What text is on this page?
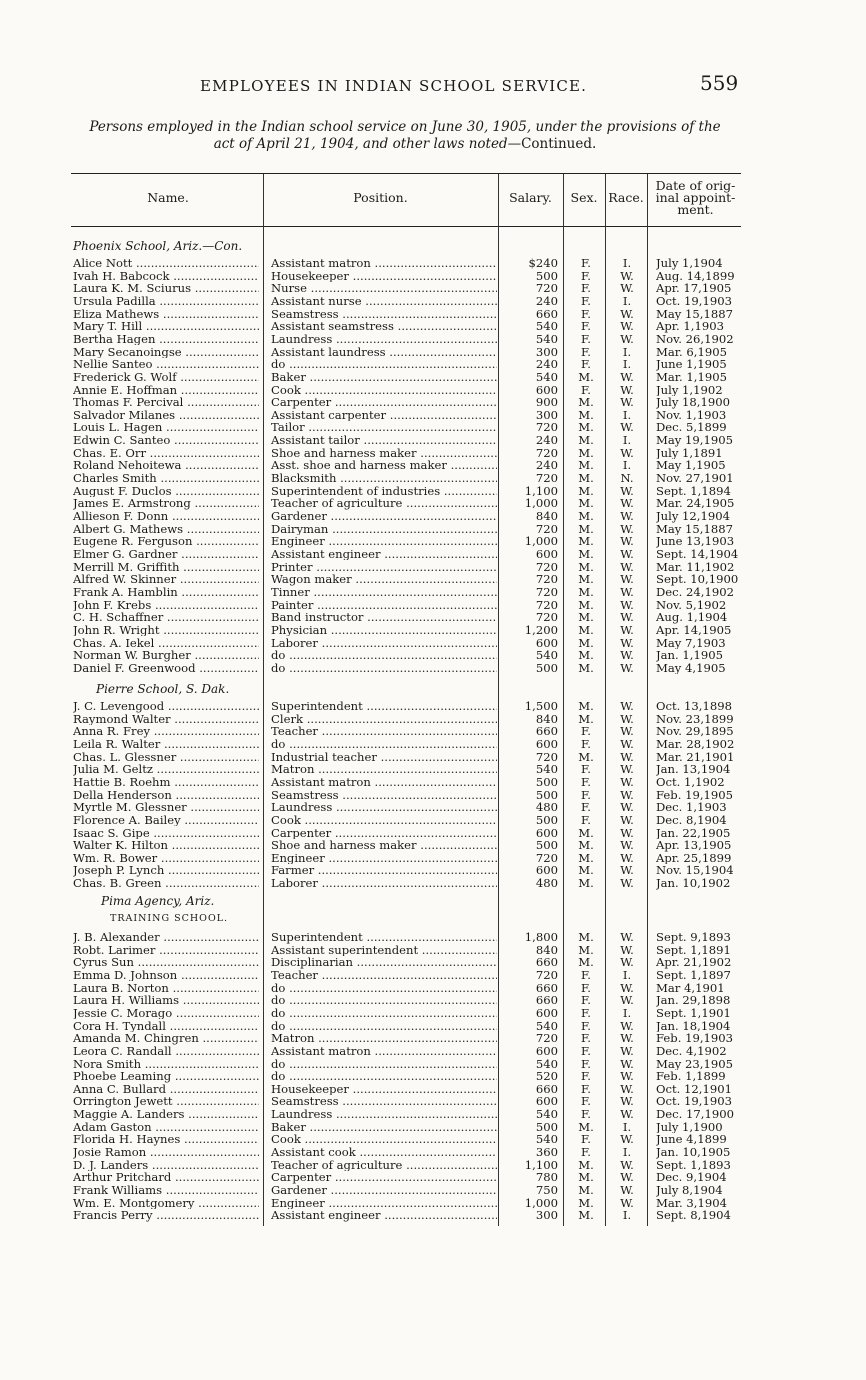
EMPLOYEES IN INDIAN SCHOOL SERVICE.	559
Persons employed in the Indian school service on June 30, 1905, under the provisions of the
act of April 21, 1904, and other laws noted—Continued.
Name.	Position.	Salary.	Sex. Race.
Date of orig-
inal appoint-
ment.
Phoenix School, Ariz.—Con.
Pierre School, S. Dak.
Pima Agency, Ariz.
TRAINING SCHOOL.
Alice Nott .....	Assistant matron .....	$240	F.	I.	July 1,1904
Ivah H. Babcock .....	Housekeeper .....	500	F.	W.	Aug. 14,1899
Laura K. M. Sciurus .....	Nurse .....	720	F.	W.	Apr. 17,1905
Ursula Padilla .....	Assistant nurse .....	240	F.	I.	Oct. 19,1903
Eliza Mathews .....	Seamstress .....	660	F.	W.	May 15,1887
Mary T. Hill .....	Assistant seamstress .....	540	F.	W.	Apr. 1,1903
Bertha Hagen .....	Laundress .....	540	F.	W.	Nov. 26,1902
Mary Secanoingse .....	Assistant laundress .....	300	F.	I.	Mar. 6,1905
Nellie Santeo .....	do .....	240	F.	I.	June 1,1905
Frederick G. Wolf .....	Baker .....	540	M.	W.	Mar. 1,1905
Annie E. Hoffman .....	Cook .....	600	F.	W.	July 1,1902
Thomas F. Percival .....	Carpenter .....	900	M.	W.	July 18,1900
Salvador Milanes .....	Assistant carpenter .....	300	M.	I.	Nov. 1,1903
Louis L. Hagen .....	Tailor .....	720	M.	W.	Dec. 5,1899
Edwin C. Santeo .....	Assistant tailor .....	240	M.	I.	May 19,1905
Chas. E. Orr .....	Shoe and harness maker .....	720	M.	W.	July 1,1891
Roland Nehoitewa .....	Asst. shoe and harness maker .....	240	M.	I.	May 1,1905
Charles Smith .....	Blacksmith .....	720	M.	N.	Nov. 27,1901
August F. Duclos .....	Superintendent of industries .....	1,100	M.	W.	Sept. 1,1894
James E. Armstrong .....	Teacher of agriculture .....	1,000	M.	W.	Mar. 24,1905
Allieson F. Donn .....	Gardener .....	840	M.	W.	July 12,1904
Albert G. Mathews .....	Dairyman .....	720	M.	W.	May 15,1887
Eugene R. Ferguson .....	Engineer .....	1,000	M.	W.	June 13,1903
Elmer G. Gardner .....	Assistant engineer .....	600	M.	W.	Sept. 14,1904
Merrill M. Griffith .....	Printer .....	720	M.	W.	Mar. 11,1902
Alfred W. Skinner .....	Wagon maker .....	720	M.	W.	Sept. 10,1900
Frank A. Hamblin .....	Tinner .....	720	M.	W.	Dec. 24,1902
John F. Krebs .....	Painter .....	720	M.	W.	Nov. 5,1902
C. H. Schaffner .....	Band instructor .....	720	M.	W.	Aug. 1,1904
John R. Wright .....	Physician .....	1,200	M.	W.	Apr. 14,1905
Chas. A. Iekel .....	Laborer .....	600	M.	W.	May 7,1903
Norman W. Burgher .....	do .....	540	M.	W.	Jan. 1,1905
Daniel F. Greenwood .....	do .....	500	M.	W.	May 4,1905
J. C. Levengood .....	Superintendent .....	1,500	M.	W.	Oct. 13,1898
Raymond Walter .....	Clerk .....	840	M.	W.	Nov. 23,1899
Anna R. Frey .....	Teacher .....	660	F.	W.	Nov. 29,1895
Leila R. Walter .....	do .....	600	F.	W.	Mar. 28,1902
Chas. L. Glessner .....	Industrial teacher .....	720	M.	W.	Mar. 21,1901
Julia M. Geltz .....	Matron .....	540	F.	W.	Jan. 13,1904
Hattie B. Roehm .....	Assistant matron .....	500	F.	W.	Oct. 1,1902
Della Henderson .....	Seamstress .....	500	F.	W.	Feb. 19,1905
Myrtle M. Glessner .....	Laundress .....	480	F.	W.	Dec. 1,1903
Florence A. Bailey .....	Cook .....	500	F.	W.	Dec. 8,1904
Isaac S. Gipe .....	Carpenter .....	600	M.	W.	Jan. 22,1905
Walter K. Hilton .....	Shoe and harness maker .....	500	M.	W.	Apr. 13,1905
Wm. R. Bower .....	Engineer .....	720	M.	W.	Apr. 25,1899
Joseph P. Lynch .....	Farmer .....	600	M.	W.	Nov. 15,1904
Chas. B. Green .....	Laborer .....	480	M.	W.	Jan. 10,1902
J. B. Alexander .....	Superintendent .....	1,800	M.	W.	Sept. 9,1893
Robt. Larimer .....	Assistant superintendent .....	840	M.	W.	Sept. 1,1891
Cyrus Sun .....	Disciplinarian .....	660	M.	W.	Apr. 21,1902
Emma D. Johnson .....	Teacher .....	720	F.	I.	Sept. 1,1897
Laura B. Norton .....	do .....	660	F.	W.	Mar 4,1901
Laura H. Williams .....	do .....	660	F.	W.	Jan. 29,1898
Jessie C. Morago .....	do .....	600	F.	I.	Sept. 1,1901
Cora H. Tyndall .....	do .....	540	F.	W.	Jan. 18,1904
Amanda M. Chingren .....	Matron .....	720	F.	W.	Feb. 19,1903
Leora C. Randall .....	Assistant matron .....	600	F.	W.	Dec. 4,1902
Nora Smith .....	do .....	540	F.	W.	May 23,1905
Phoebe Leaming .....	do .....	520	F.	W.	Feb. 1,1899
Anna C. Bullard .....	Housekeeper .....	660	F.	W.	Oct. 12,1901
Orrington Jewett .....	Seamstress .....	600	F.	W.	Oct. 19,1903
Maggie A. Landers .....	Laundress .....	540	F.	W.	Dec. 17,1900
Adam Gaston .....	Baker .....	500	M.	I.	July 1,1900
Florida H. Haynes .....	Cook .....	540	F.	W.	June 4,1899
Josie Ramon .....	Assistant cook .....	360	F.	I.	Jan. 10,1905
D. J. Landers .....	Teacher of agriculture .....	1,100	M.	W.	Sept. 1,1893
Arthur Pritchard .....	Carpenter .....	780	M.	W.	Dec. 9,1904
Frank Williams .....	Gardener .....	750	M.	W.	July 8,1904
Wm. E. Montgomery .....	Engineer .....	1,000	M.	W.	Mar. 3,1904
Francis Perry .....	Assistant engineer .....	300	M.	I.	Sept. 8,1904
